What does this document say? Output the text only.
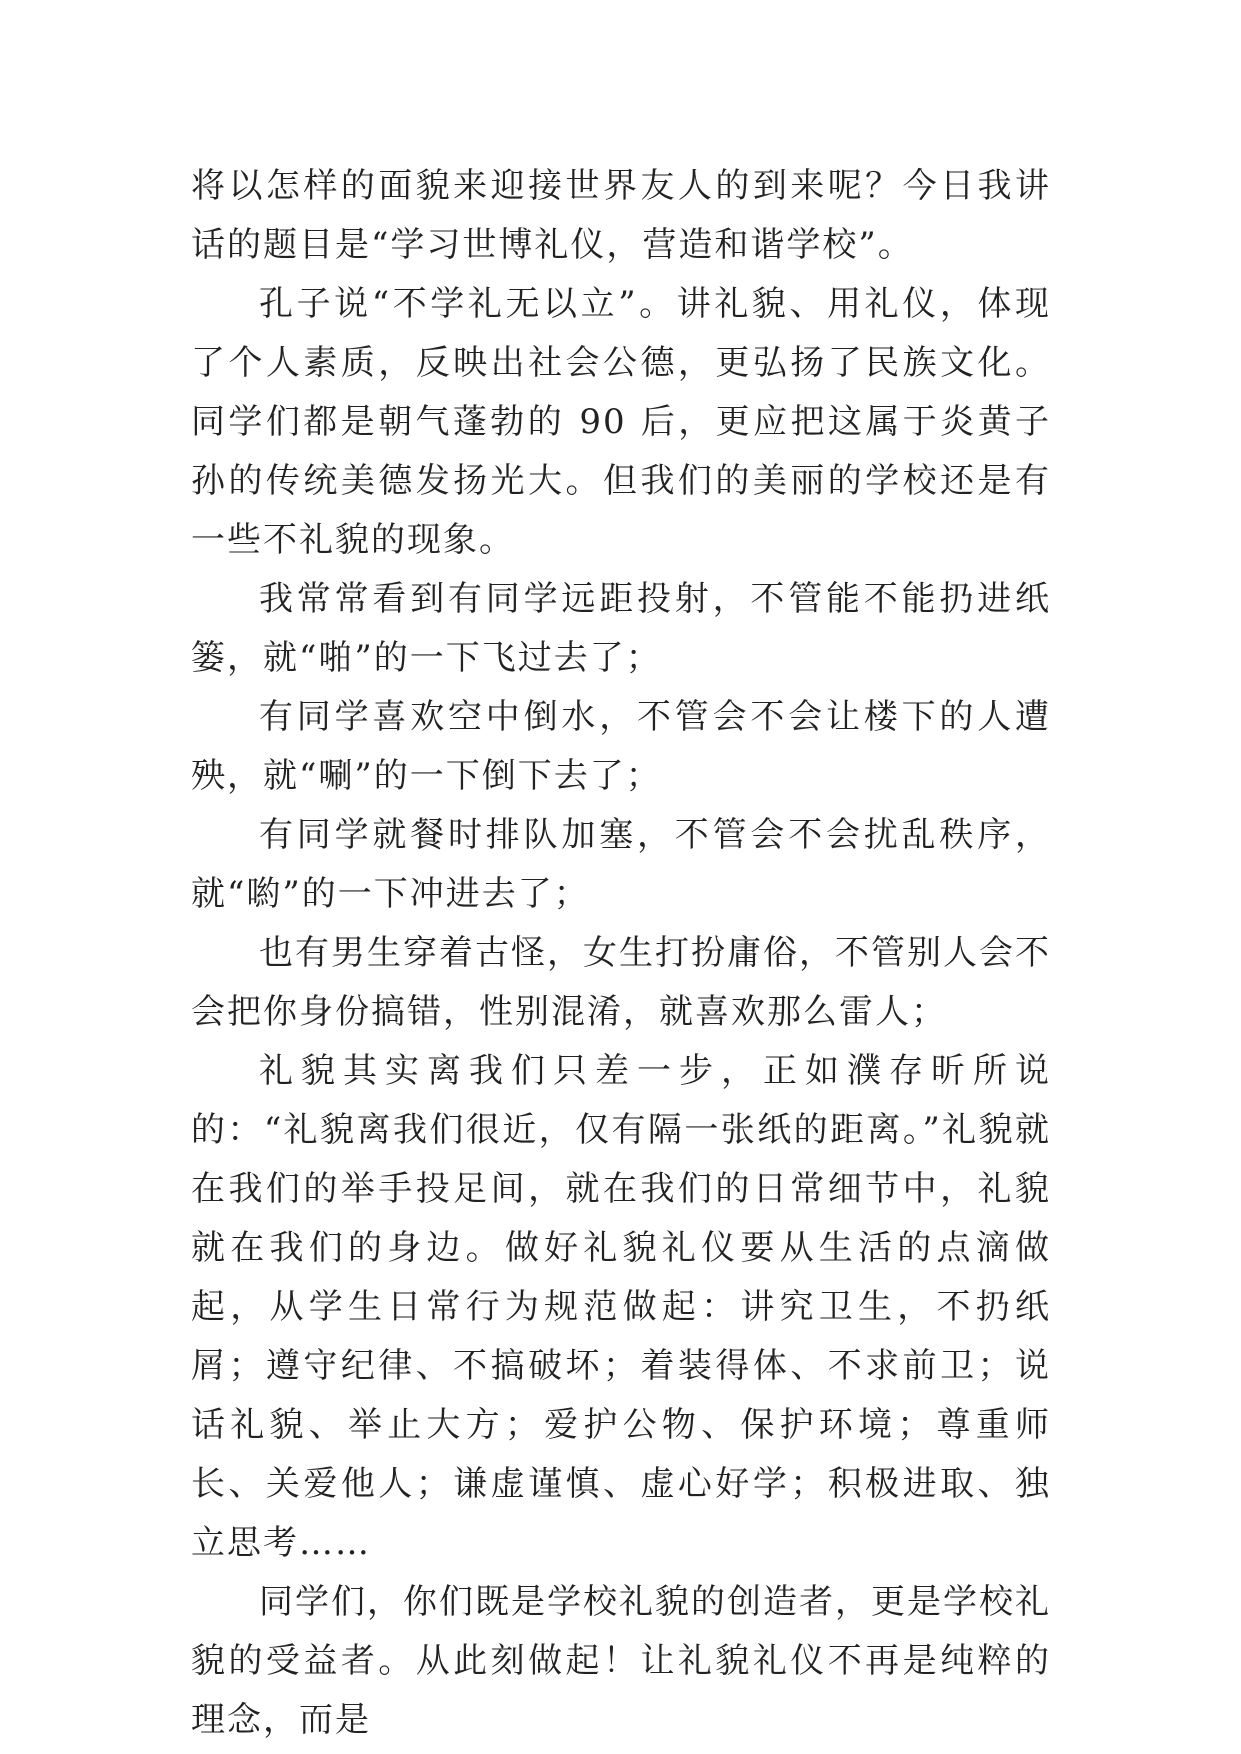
将以怎样的面貌来迎接世界友人的到来呢？今日我讲话的题目是“学习世博礼仪，营造和谐学校”。

孔子说“不学礼无以立”。讲礼貌、用礼仪，体现了个人素质，反映出社会公德，更弘扬了民族文化。同学们都是朝气蓬勃的 90 后，更应把这属于炎黄子孙的传统美德发扬光大。但我们的美丽的学校还是有一些不礼貌的现象。

我常常看到有同学远距投射，不管能不能扔进纸篓，就“啪”的一下飞过去了；

有同学喜欢空中倒水，不管会不会让楼下的人遭殃，就“唰”的一下倒下去了；

有同学就餐时排队加塞，不管会不会扰乱秩序，就“喲”的一下冲进去了；

也有男生穿着古怪，女生打扮庸俗，不管别人会不会把你身份搞错，性别混淆，就喜欢那么雷人；

礼貌其实离我们只差一步，正如濮存昕所说的：“礼貌离我们很近，仅有隔一张纸的距离。”礼貌就在我们的举手投足间，就在我们的日常细节中，礼貌就在我们的身边。做好礼貌礼仪要从生活的点滴做起，从学生日常行为规范做起：讲究卫生，不扔纸屑；遵守纪律、不搞破坏；着装得体、不求前卫；说话礼貌、举止大方；爱护公物、保护环境；尊重师长、关爱他人；谦虚谨慎、虚心好学；积极进取、独立思考……

同学们，你们既是学校礼貌的创造者，更是学校礼貌的受益者。从此刻做起！让礼貌礼仪不再是纯粹的理念，而是
